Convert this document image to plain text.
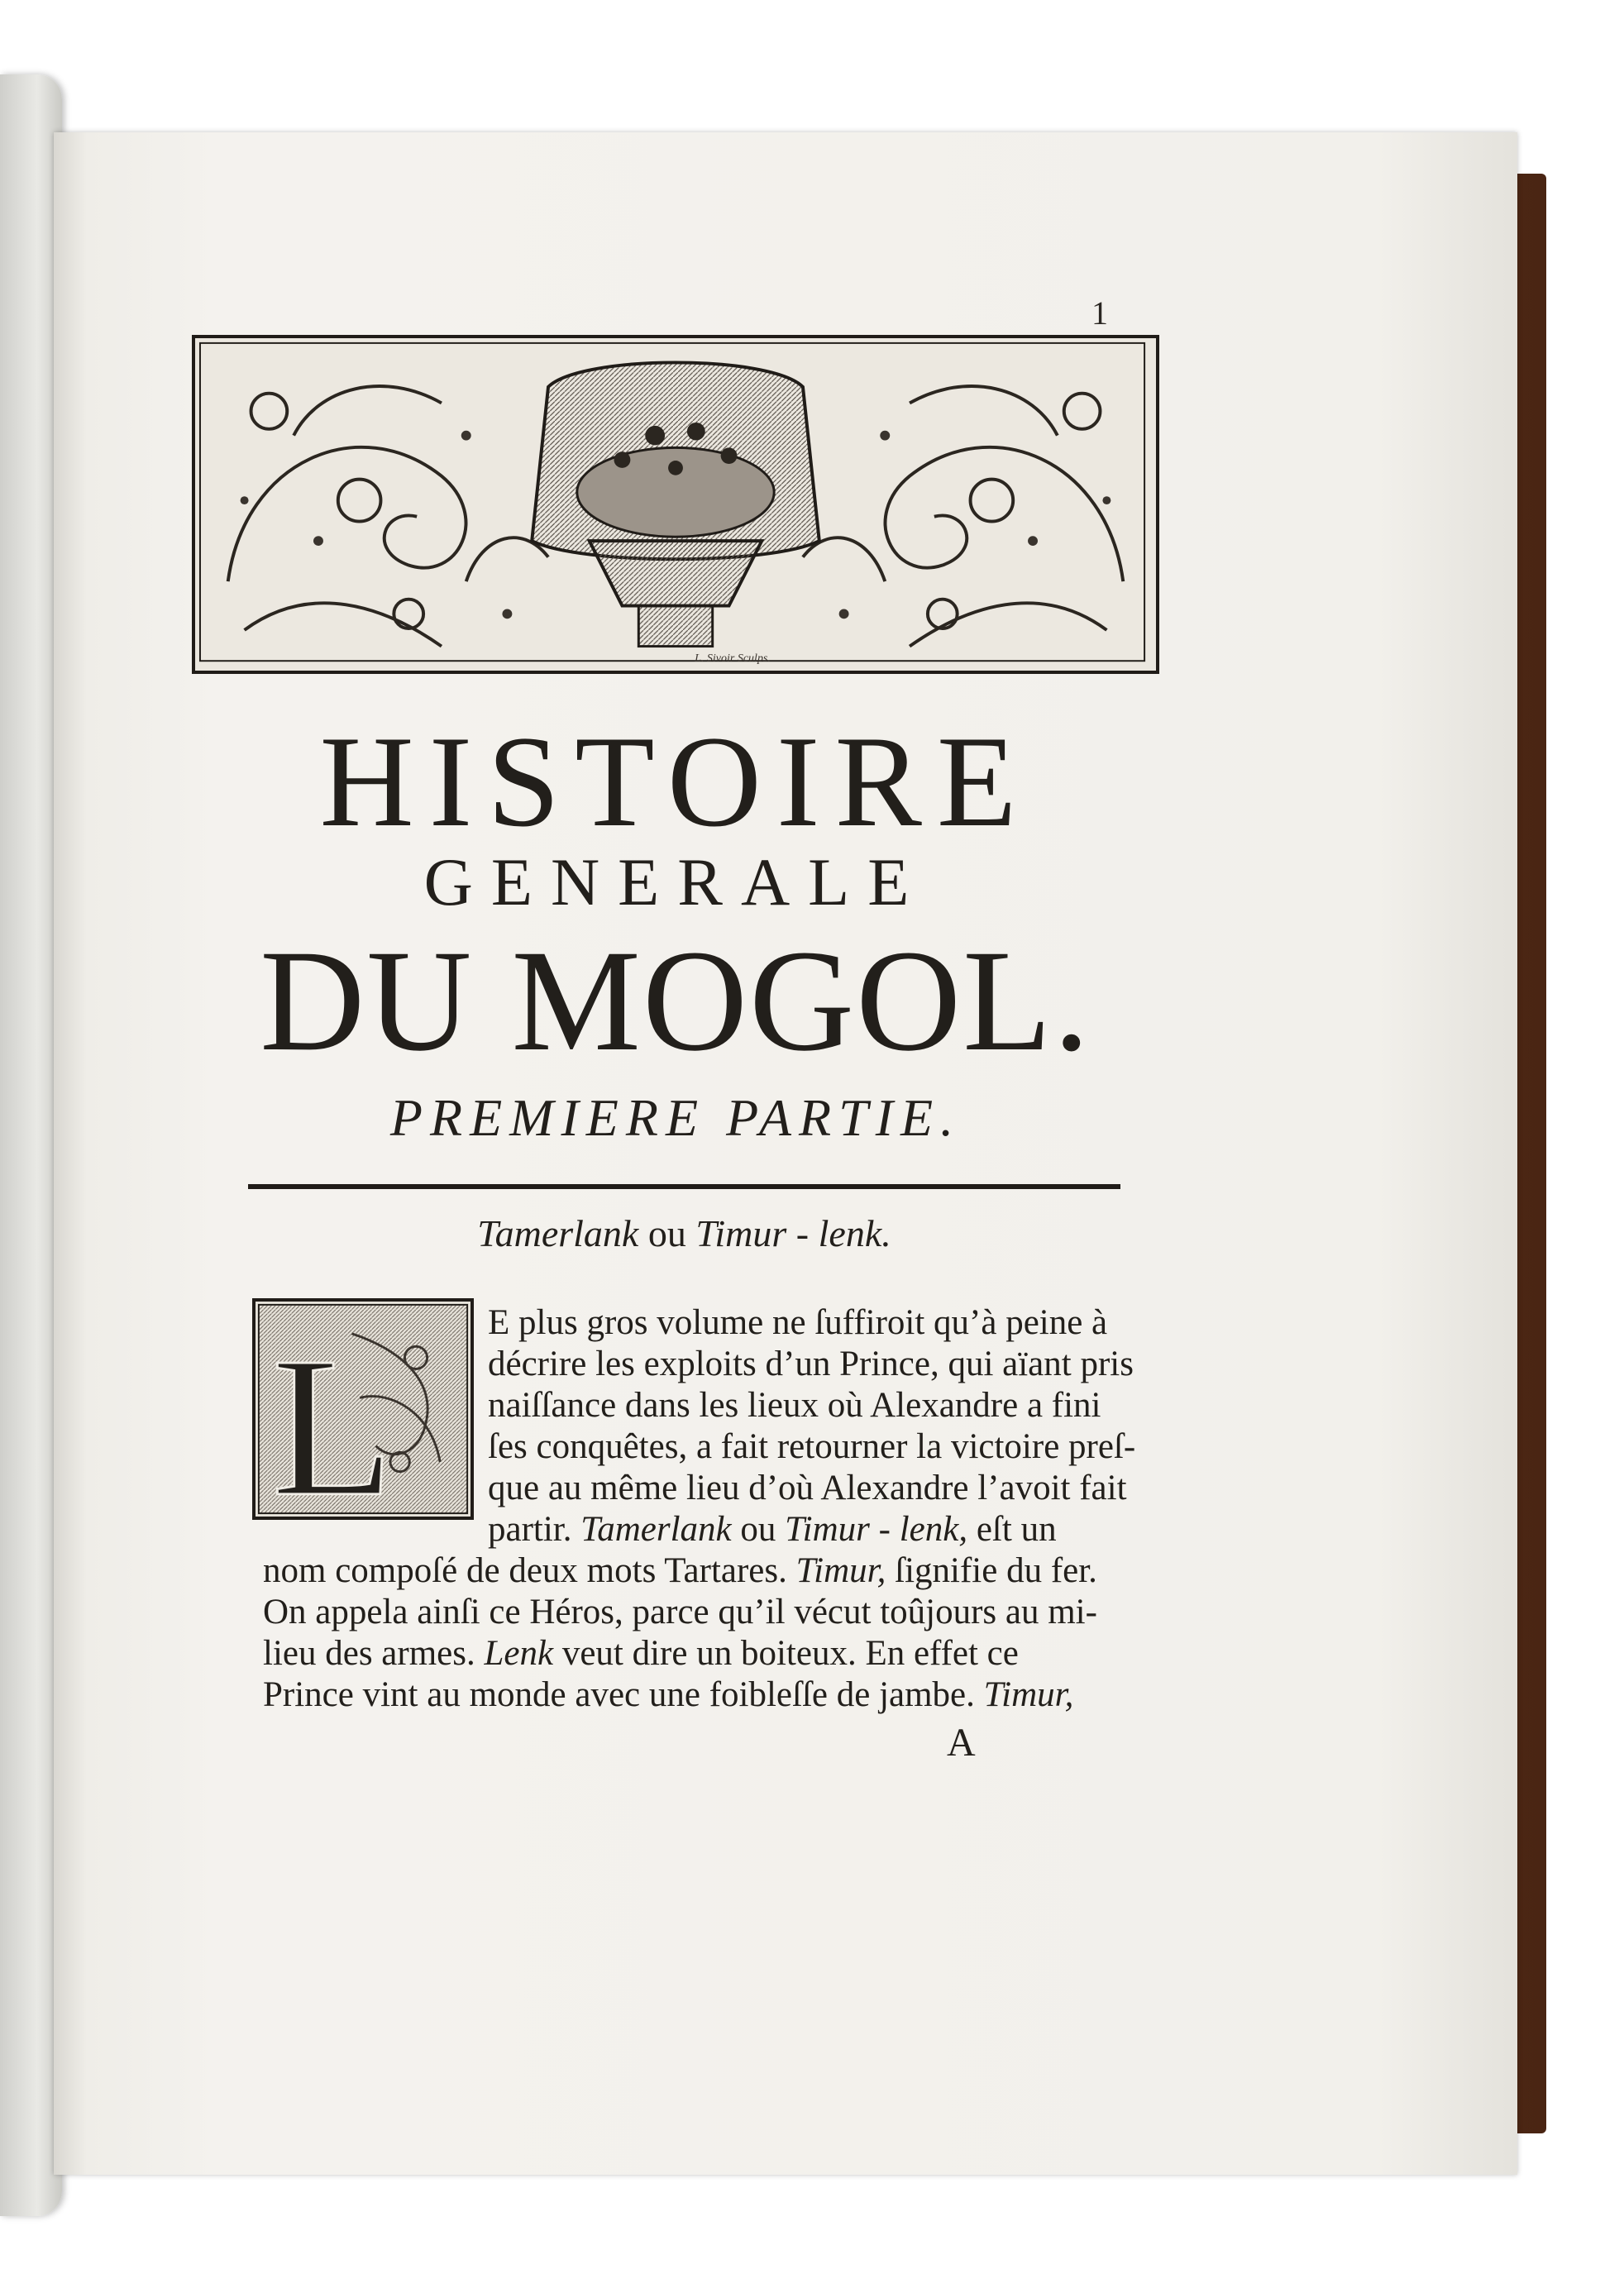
1
L. Sivoir Sculps.
HISTOIRE
GENERALE
DU MOGOL.
PREMIERE PARTIE.
Tamerlank ou Timur - lenk.
L	E plus gros volume ne ſuffiroit qu’à peine à
décrire les exploits d’un Prince, qui aïant pris
naiſſance dans les lieux où Alexandre a fini
ſes conquêtes, a fait retourner la victoire preſ-
que au même lieu d’où Alexandre l’avoit fait
partir. Tamerlank ou Timur - lenk, eſt un
nom compoſé de deux mots Tartares. Timur, ſignifie du fer.
On appela ainſi ce Héros, parce qu’il vécut toûjours au mi-
lieu des armes. Lenk veut dire un boiteux. En effet ce
Prince vint au monde avec une foibleſſe de jambe. Timur,
A
